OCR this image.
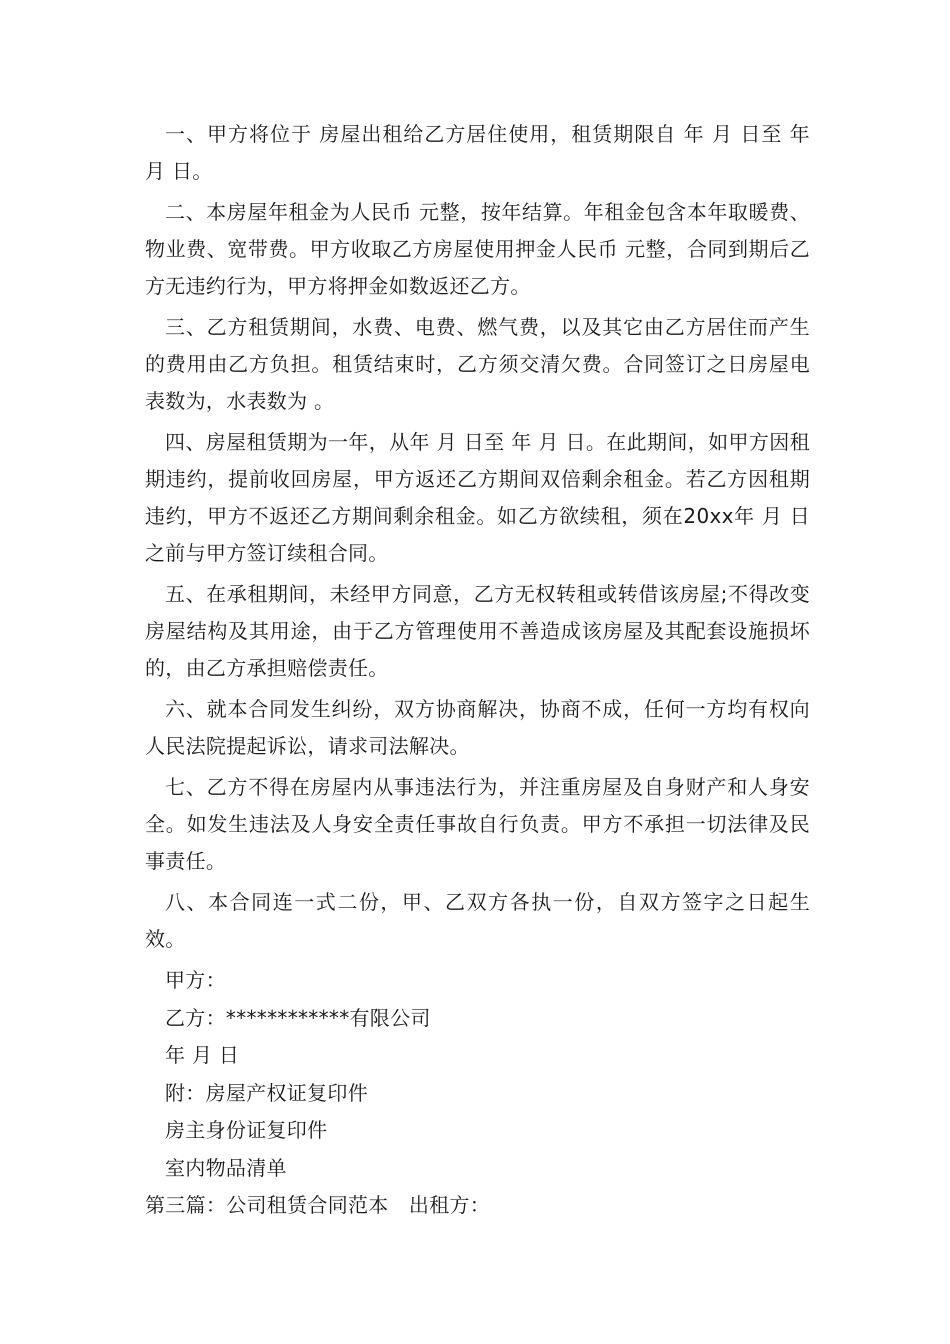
一、甲方将位于 房屋出租给乙方居住使用，租赁期限自 年 月 日至 年 月 日。

二、本房屋年租金为人民币 元整，按年结算。年租金包含本年取暖费、物业费、宽带费。甲方收取乙方房屋使用押金人民币 元整，合同到期后乙方无违约行为，甲方将押金如数返还乙方。

三、乙方租赁期间，水费、电费、燃气费，以及其它由乙方居住而产生的费用由乙方负担。租赁结束时，乙方须交清欠费。合同签订之日房屋电表数为，水表数为 。

四、房屋租赁期为一年，从年 月 日至 年 月 日。在此期间，如甲方因租期违约，提前收回房屋，甲方返还乙方期间双倍剩余租金。若乙方因租期违约，甲方不返还乙方期间剩余租金。如乙方欲续租，须在20xx年 月 日之前与甲方签订续租合同。

五、在承租期间，未经甲方同意，乙方无权转租或转借该房屋;不得改变房屋结构及其用途，由于乙方管理使用不善造成该房屋及其配套设施损坏的，由乙方承担赔偿责任。

六、就本合同发生纠纷，双方协商解决，协商不成，任何一方均有权向人民法院提起诉讼，请求司法解决。

七、乙方不得在房屋内从事违法行为，并注重房屋及自身财产和人身安全。如发生违法及人身安全责任事故自行负责。甲方不承担一切法律及民事责任。

八、本合同连一式二份，甲、乙双方各执一份，自双方签字之日起生效。

甲方：

乙方：************有限公司

年 月 日

附：房屋产权证复印件

房主身份证复印件

室内物品清单

第三篇：公司租赁合同范本　出租方：
